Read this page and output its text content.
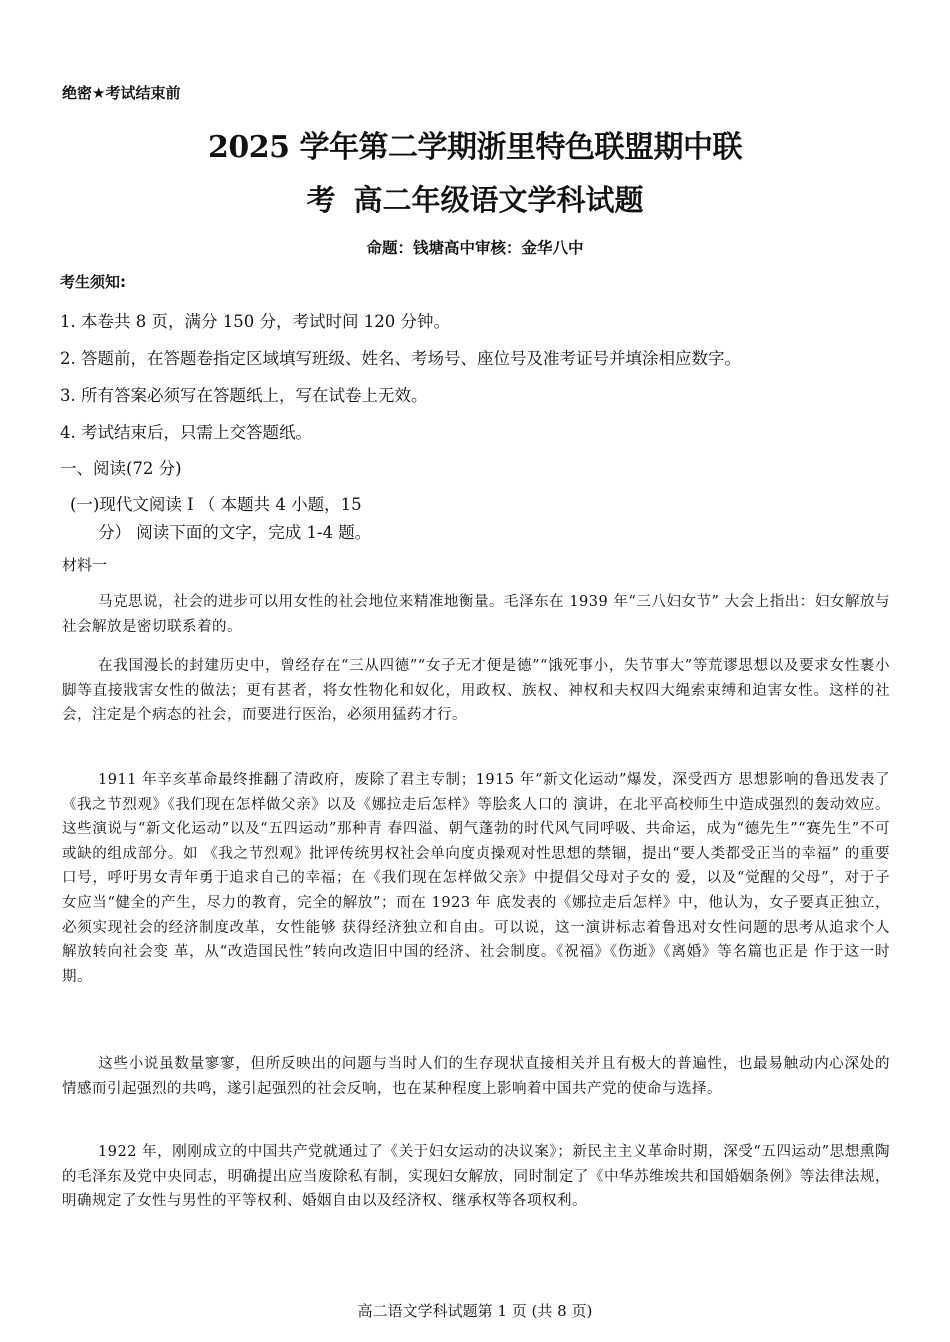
绝密★考试结束前
2025 学年第二学期浙里特色联盟期中联
考 高二年级语文学科试题
命题：钱塘高中审核：金华八中
考生须知:
1. 本卷共 8 页，满分 150 分，考试时间 120 分钟。
2. 答题前，在答题卷指定区域填写班级、姓名、考场号、座位号及准考证号并填涂相应数字。
3. 所有答案必须写在答题纸上，写在试卷上无效。
4. 考试结束后，只需上交答题纸。
一、阅读(72 分)
(一)现代文阅读 I （ 本题共 4 小题，15
分） 阅读下面的文字，完成 1-4 题。
材料一
马克思说，社会的进步可以用女性的社会地位来精准地衡量。毛泽东在 1939 年“三八妇女节” 大会上指出：妇女解放与社会解放是密切联系着的。
在我国漫长的封建历史中，曾经存在“三从四德”“女子无才便是德”“饿死事小，失节事大”等荒谬思想以及要求女性裹小脚等直接戕害女性的做法；更有甚者，将女性物化和奴化，用政权、族权、神权和夫权四大绳索束缚和迫害女性。这样的社会，注定是个病态的社会，而要进行医治，必须用猛药才行。
1911 年辛亥革命最终推翻了清政府，废除了君主专制；1915 年“新文化运动”爆发，深受西方 思想影响的鲁迅发表了《我之节烈观》《我们现在怎样做父亲》以及《娜拉走后怎样》等脍炙人口的 演讲，在北平高校师生中造成强烈的轰动效应。这些演说与“新文化运动”以及“五四运动”那种青 春四溢、朝气蓬勃的时代风气同呼吸、共命运，成为“德先生”“赛先生”不可或缺的组成部分。如 《我之节烈观》批评传统男权社会单向度贞操观对性思想的禁锢，提出“要人类都受正当的幸福” 的重要口号，呼吁男女青年勇于追求自己的幸福；在《我们现在怎样做父亲》中提倡父母对子女的 爱，以及“觉醒的父母”，对于子女应当“健全的产生，尽力的教育，完全的解放”；而在 1923 年 底发表的《娜拉走后怎样》中，他认为，女子要真正独立，必须实现社会的经济制度改革，女性能够 获得经济独立和自由。可以说，这一演讲标志着鲁迅对女性问题的思考从追求个人解放转向社会变 革，从“改造国民性”转向改造旧中国的经济、社会制度。《祝福》《伤逝》《离婚》等名篇也正是 作于这一时期。
这些小说虽数量寥寥，但所反映出的问题与当时人们的生存现状直接相关并且有极大的普遍性，也最易触动内心深处的情感而引起强烈的共鸣，遂引起强烈的社会反响，也在某种程度上影响着中国共产党的使命与选择。
1922 年，刚刚成立的中国共产党就通过了《关于妇女运动的决议案》；新民主主义革命时期，深受“五四运动”思想熏陶的毛泽东及党中央同志，明确提出应当废除私有制，实现妇女解放，同时制定了《中华苏维埃共和国婚姻条例》等法律法规，明确规定了女性与男性的平等权利、婚姻自由以及经济权、继承权等各项权利。
高二语文学科试题第 1 页 (共 8 页)
